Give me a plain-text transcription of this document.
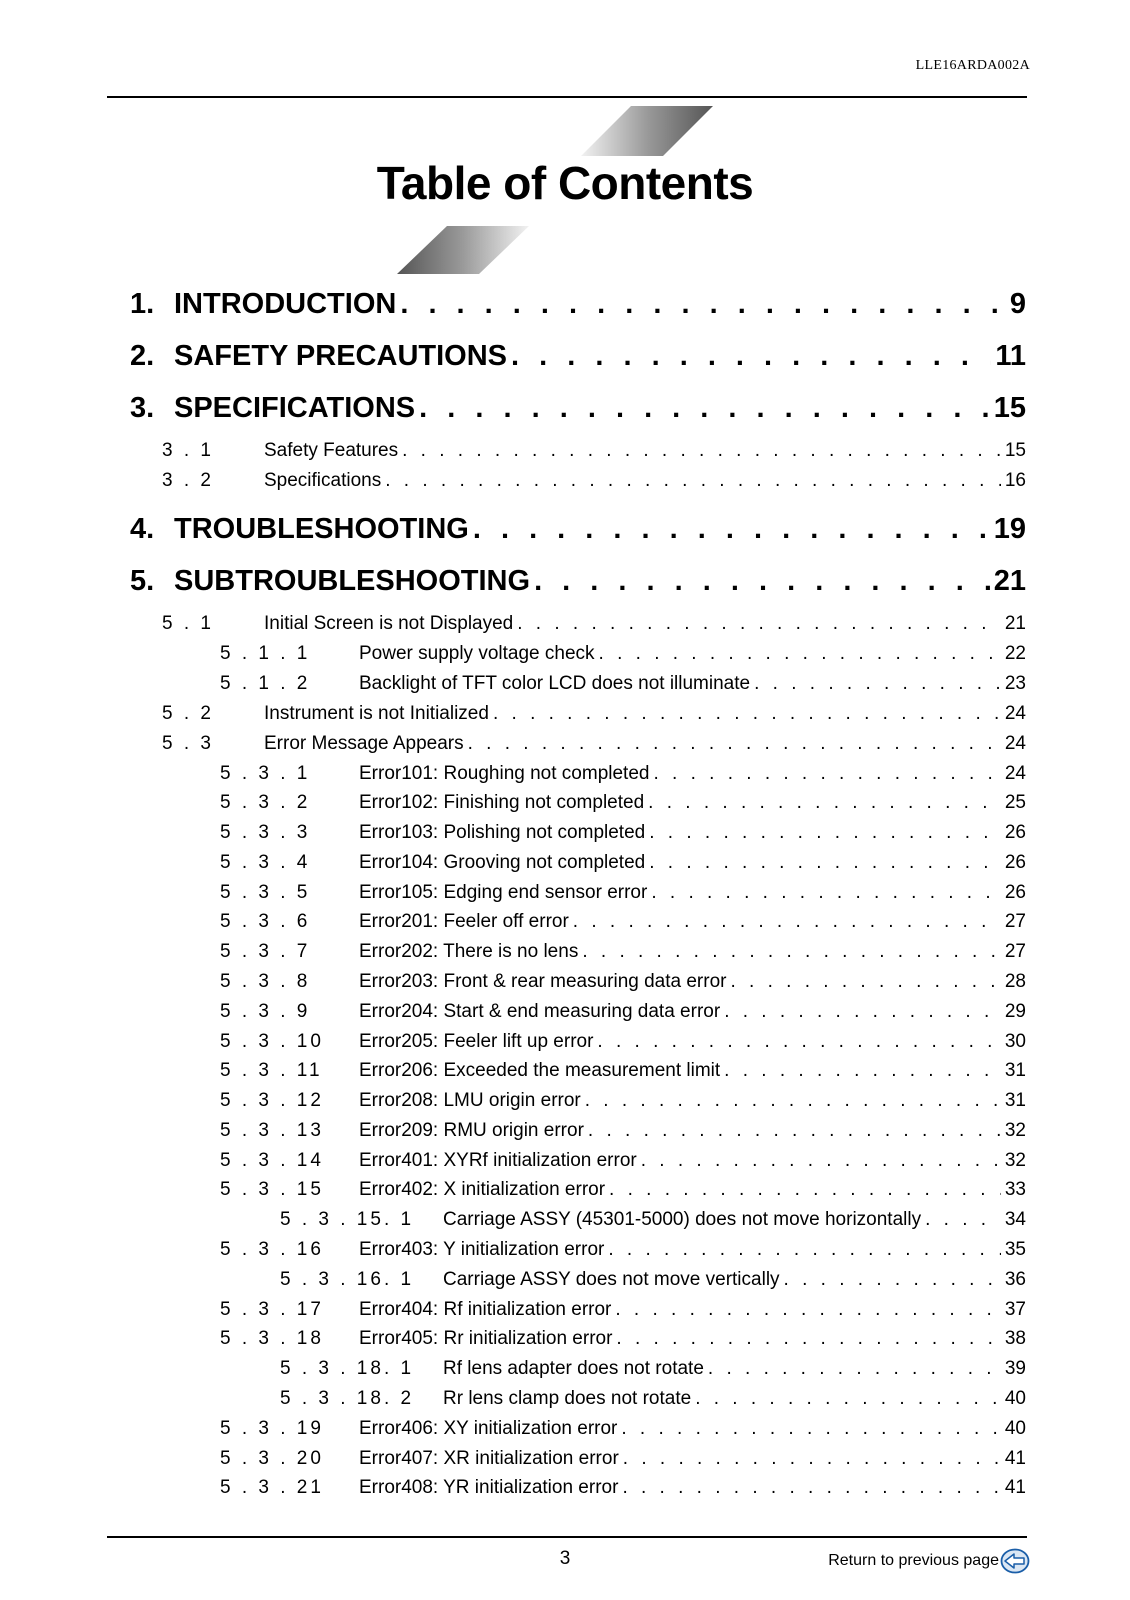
LLE16ARDA002A
Table of Contents
1. INTRODUCTION . . .	9
2. SAFETY PRECAUTIONS . . .	11
3. SPECIFICATIONS . . .	15
3 . 1	Safety Features . . .	15
3 . 2	Specifications . . .	16
4. TROUBLESHOOTING . . .	19
5. SUBTROUBLESHOOTING . . .	21
5 . 1	Initial Screen is not Displayed . . .	21
5 . 1 . 1	Power supply voltage check . . .	22
5 . 1 . 2	Backlight of TFT color LCD does not illuminate . . .	23
5 . 2	Instrument is not Initialized . . .	24
5 . 3	Error Message Appears . . .	24
5 . 3 . 1	Error101: Roughing not completed . . .	24
5 . 3 . 2	Error102: Finishing not completed . . .	25
5 . 3 . 3	Error103: Polishing not completed . . .	26
5 . 3 . 4	Error104: Grooving not completed . . .	26
5 . 3 . 5	Error105: Edging end sensor error . . .	26
5 . 3 . 6	Error201: Feeler off error . . .	27
5 . 3 . 7	Error202: There is no lens . . .	27
5 . 3 . 8	Error203: Front & rear measuring data error . . .	28
5 . 3 . 9	Error204: Start & end measuring data error . . .	29
5 . 3 . 10	Error205: Feeler lift up error . . .	30
5 . 3 . 11	Error206: Exceeded the measurement limit . . .	31
5 . 3 . 12	Error208: LMU origin error . . .	31
5 . 3 . 13	Error209: RMU origin error . . .	32
5 . 3 . 14	Error401: XYRf initialization error . . .	32
5 . 3 . 15	Error402: X initialization error . . .	33
5 . 3 . 15. 1	Carriage ASSY (45301-5000) does not move horizontally . . .	34
5 . 3 . 16	Error403: Y initialization error . . .	35
5 . 3 . 16. 1	Carriage ASSY does not move vertically . . .	36
5 . 3 . 17	Error404: Rf initialization error . . .	37
5 . 3 . 18	Error405: Rr initialization error . . .	38
5 . 3 . 18. 1	Rf lens adapter does not rotate . . .	39
5 . 3 . 18. 2	Rr lens clamp does not rotate . . .	40
5 . 3 . 19	Error406: XY initialization error . . .	40
5 . 3 . 20	Error407: XR initialization error . . .	41
5 . 3 . 21	Error408: YR initialization error . . .	41
3	Return to previous page
